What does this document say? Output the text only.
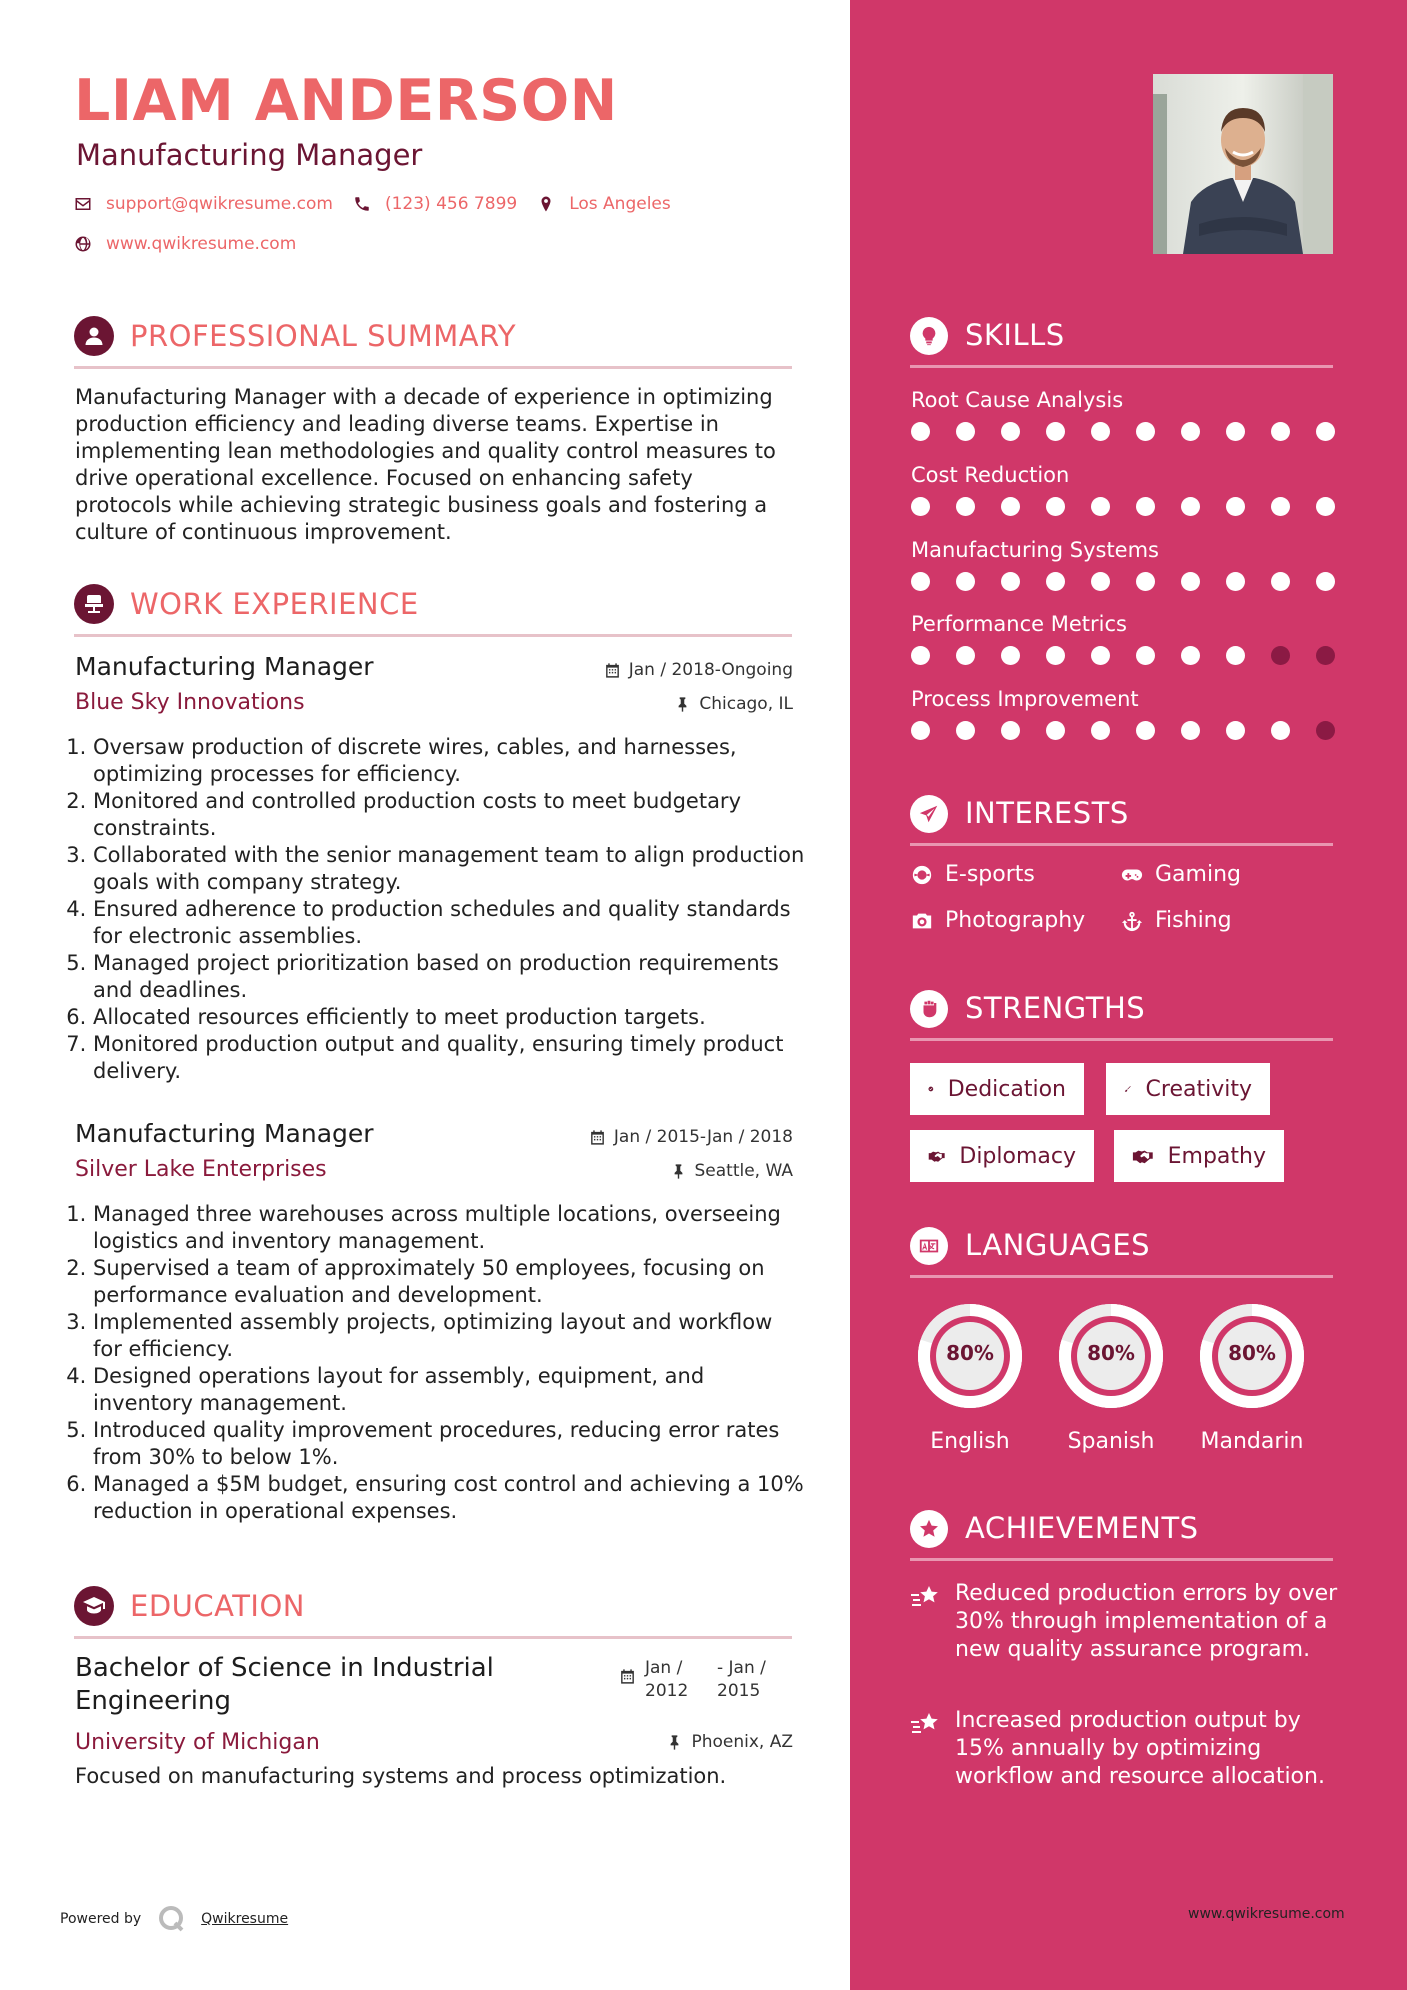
LIAM ANDERSON
Manufacturing Manager
support@qwikresume.com	(123) 456 7899	Los Angeles
www.qwikresume.com
PROFESSIONAL SUMMARY
Manufacturing Manager with a decade of experience in optimizing production efficiency and leading diverse teams. Expertise in implementing lean methodologies and quality control measures to drive operational excellence. Focused on enhancing safety protocols while achieving strategic business goals and fostering a culture of continuous improvement.
WORK EXPERIENCE
Manufacturing Manager
Blue Sky Innovations
Jan / 2018-Ongoing
Chicago, IL
1. Oversaw production of discrete wires, cables, and harnesses, optimizing processes for efficiency.
2. Monitored and controlled production costs to meet budgetary constraints.
3. Collaborated with the senior management team to align production goals with company strategy.
4. Ensured adherence to production schedules and quality standards for electronic assemblies.
5. Managed project prioritization based on production requirements and deadlines.
6. Allocated resources efficiently to meet production targets.
7. Monitored production output and quality, ensuring timely product delivery.
Manufacturing Manager
Silver Lake Enterprises
Jan / 2015-Jan / 2018
Seattle, WA
1. Managed three warehouses across multiple locations, overseeing logistics and inventory management.
2. Supervised a team of approximately 50 employees, focusing on performance evaluation and development.
3. Implemented assembly projects, optimizing layout and workflow for efficiency.
4. Designed operations layout for assembly, equipment, and inventory management.
5. Introduced quality improvement procedures, reducing error rates from 30% to below 1%.
6. Managed a $5M budget, ensuring cost control and achieving a 10% reduction in operational expenses.
EDUCATION
Bachelor of Science in Industrial Engineering
Jan / 2012
- Jan / 2015
University of Michigan	Phoenix, AZ
Focused on manufacturing systems and process optimization.
Powered by	Qwikresume	www.qwikresume.com
SKILLS
Root Cause Analysis
Cost Reduction
Manufacturing Systems
Performance Metrics
Process Improvement
INTERESTS
E-sports	Gaming
Photography	Fishing
STRENGTHS
Dedication	Creativity
Diplomacy	Empathy
LANGUAGES
80%
English
80%
Spanish
80%
Mandarin
ACHIEVEMENTS
Reduced production errors by over 30% through implementation of a new quality assurance program.
Increased production output by 15% annually by optimizing workflow and resource allocation.
